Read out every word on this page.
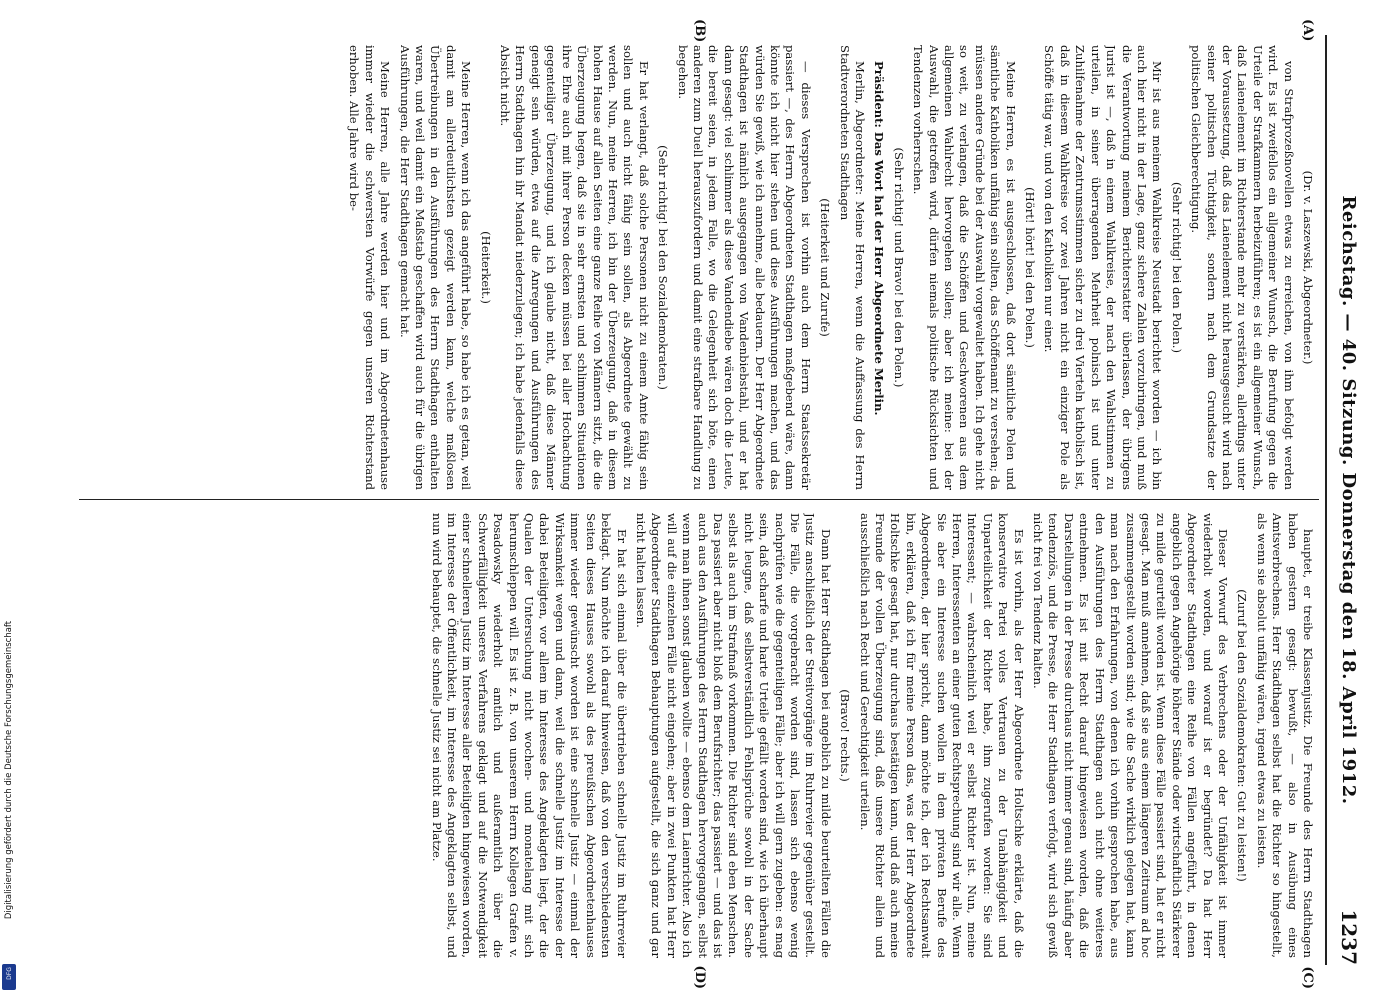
Reichstag. — 40. Sitzung. Donnerstag den 18. April 1912.
1237
(A)
(B)
(C)
(D)

(Dr. v. Laszewski, Abgeordneter.)

von Strafprozeßnovellen etwas zu erreichen, von ihm befolgt werden wird. Es ist zweifellos ein allgemeiner Wunsch, die Berufung gegen die Urteile der Strafkammern herbeizuführen; es ist ein allgemeiner Wunsch, daß Laienelement im Richterstande mehr zu verstärken, allerdings unter der Voraussetzung, daß das Laienelement nicht herausgesucht wird nach seiner politischen Tüchtigkeit, sondern nach dem Grundsatze der politischen Gleichberechtigung.

(Sehr richtig! bei den Polen.)

Mir ist aus meinem Wahlkreise Neustadt berichtet worden — ich bin auch hier nicht in der Lage, ganz sichere Zahlen vorzubringen, und muß die Verantwortung meinem Berichterstatter überlassen, der übrigens Jurist ist —, daß in einem Wahlkreise, der nach den Wahlstimmen zu urteilen, in seiner überragenden Mehrheit polnisch ist und unter Zuhilfenahme der Zentrumsstimmen sicher zu drei Vierteln katholisch ist, daß in diesem Wahlkreise vor zwei Jahren nicht ein einziger Pole als Schöffe tätig war, und von den Katholiken nur einer.

(Hört! hört! bei den Polen.)

Meine Herren, es ist ausgeschlossen, daß dort sämtliche Polen und sämtliche Katholiken unfähig sein sollten, das Schöffenamt zu versehen; da müssen andere Gründe bei der Auswahl vorgewaltet haben. Ich gehe nicht so weit, zu verlangen, daß die Schöffen und Geschworenen aus dem allgemeinen Wahlrecht hervorgehen sollen; aber ich meine: bei der Auswahl, die getroffen wird, dürfen niemals politische Rücksichten und Tendenzen vorherrschen.

(Sehr richtig! und Bravo! bei den Polen.)

Präsident: Das Wort hat der Herr Abgeordnete Merlin.

Merlin, Abgeordneter: Meine Herren, wenn die Auffassung des Herrn Stadtverordneten Stadthagen

(Heiterkeit und Zurufe)

— dieses Versprechen ist vorhin auch dem Herrn Staatssekretär passiert —, des Herrn Abgeordneten Stadthagen maßgebend wäre, dann könnte ich nicht hier stehen und diese Ausführungen machen, und das würden Sie gewiß, wie ich annehme, alle bedauern. Der Herr Abgeordnete Stadthagen ist nämlich ausgegangen von Vandenbiebstahl, und er hat dann gesagt: viel schlimmer als diese Vandendiebe wären doch die Leute, die bereit seien, in jedem Falle, wo die Gelegenheit sich böte, einen anderen zum Duell herauszufordern und damit eine strafbare Handlung zu begehen.

(Sehr richtig! bei den Sozialdemokraten.)

Er hat verlangt, daß solche Personen nicht zu einem Amte fähig sein sollen und auch nicht fähig sein sollen, als Abgeordnete gewählt zu werden. Nun, meine Herren, ich bin der Überzeugung, daß in diesem hohen Hause auf allen Seiten eine ganze Reihe von Männern sitzt, die die Überzeugung hegen, daß sie in sehr ernsten und schlimmen Situationen ihre Ehre auch mit ihrer Person decken müssen bei aller Hochachtung gegenteiliger Überzeugung, und ich glaube nicht, daß diese Männer geneigt sein würden, etwa auf die Anregungen und Ausführungen des Herrn Stadthagen hin ihr Mandat niederzulegen; ich habe jedenfalls diese Absicht nicht.

(Heiterkeit.)

Meine Herren, wenn ich das angeführt habe, so habe ich es getan, weil damit am allerdeutlichsten gezeigt werden kann, welche maßlosen Übertreibungen in den Ausführungen des Herrn Stadthagen enthalten waren, und weil damit ein Maßstab geschaffen wird auch für die übrigen Ausführungen, die Herr Stadthagen gemacht hat.

Meine Herren, alle Jahre werden hier und im Abgeordnetenhause immer wieder die schwersten Vorwürfe gegen unseren Richterstand erhoben. Alle Jahre wird be-

hauptet, er treibe Klassenjustiz. Die Freunde des Herrn Stadthagen haben gestern gesagt: bewußt, — also in Ausübung eines Amtsverbrechens. Herr Stadthagen selbst hat die Richter so hingestellt, als wenn sie absolut unfähig wären, irgend etwas zu leisten.

(Zuruf bei den Sozialdemokraten: Gut zu leisten!)

Dieser Vorwurf des Verbrechens oder der Unfähigkeit ist immer wiederholt worden, und worauf ist er begründet? Da hat Herr Abgeordneter Stadthagen eine Reihe von Fällen angeführt, in denen angeblich gegen Angehörige höherer Stände oder wirtschaftlich Stärkerer zu milde geurteilt worden ist. Wenn diese Fälle passiert sind, hat er nicht gesagt. Man muß annehmen, daß sie aus einem längeren Zeitraum ad hoc zusammengestellt worden sind; wie die Sache wirklich gelegen hat, kann man nach den Erfahrungen, von denen ich vorhin gesprochen habe, aus den Ausführungen des Herrn Stadthagen auch nicht ohne weiteres entnehmen. Es ist mit Recht darauf hingewiesen worden, daß die Darstellungen in der Presse durchaus nicht immer genau sind, häufig aber tendenziös, und die Presse, die Herr Stadthagen verfolgt, wird sich gewiß nicht frei von Tendenz halten.

Es ist vorhin, als der Herr Abgeordnete Holtschke erklärte, daß die konservative Partei volles Vertrauen zu der Unabhängigkeit und Unparteilichkeit der Richter habe, ihm zugerufen worden: Sie sind Interessent; — wahrscheinlich weil er selbst Richter ist. Nun, meine Herren, Interessenten an einer guten Rechtsprechung sind wir alle. Wenn Sie aber ein Interesse suchen wollen in dem privaten Berufe des Abgeordneten, der hier spricht, dann möchte ich, der ich Rechtsanwalt bin, erklären, daß ich für meine Person das, was der Herr Abgeordnete Holtschke gesagt hat, nur durchaus bestätigen kann, und daß auch meine Freunde der vollen Überzeugung sind, daß unsere Richter allein und ausschließlich nach Recht und Gerechtigkeit urteilen.

(Bravo! rechts.)

Dann hat Herr Stadthagen bei angeblich zu milde beurteilten Fällen die Justiz anschließlich der Streitvorgänge im Ruhrrevier gegenüber gestellt. Die Fälle, die vorgebracht worden sind, lassen sich ebenso wenig nachprüfen wie die gegenteiligen Fälle; aber ich will gern zugeben: es mag sein, daß scharfe und harte Urteile gefällt worden sind, wie ich überhaupt nicht leugne, daß selbstverständlich Fehlsprüche sowohl in der Sache selbst als auch im Strafmaß vorkommen. Die Richter sind eben Menschen. Das passiert aber nicht bloß dem Berufsrichter; das passiert — und das ist auch aus den Ausführungen des Herrn Stadthagen hervorgegangen, selbst wenn man ihnen sonst glauben wollte — ebenso dem Laienrichter. Also ich will auf die einzelnen Fälle nicht eingehen; aber in zwei Punkten hat Herr Abgeordneter Stadthagen Behauptungen aufgestellt, die sich ganz und gar nicht halten lassen.

Er hat sich einmal über die übertrieben schnelle Justiz im Ruhrrevier beklagt. Nun möchte ich darauf hinweisen, daß von den verschiedensten Seiten dieses Hauses sowohl als des preußischen Abgeordnetenhauses immer wieder gewünscht worden ist eine schnelle Justiz — einmal der Wirksamkeit wegen und dann, weil die schnelle Justiz im Interesse der dabei Beteiligten, vor allem im Interesse des Angeklagten liegt, der die Qualen der Untersuchung nicht wochen- und monatelang mit sich herumschleppen will. Es ist z. B. von unserem Herrn Kollegen Grafen v. Posadowsky wiederholt amtlich und außeramtlich über die Schwerfälligkeit unseres Verfahrens geklagt und auf die Notwendigkeit einer schnelleren Justiz im Interesse aller Beteiligten hingewiesen worden, im Interesse der Öffentlichkeit, im Interesse des Angeklagten selbst, und nun wird behauptet, die schnelle Justiz sei nicht am Platze.

Digitalisierung gefördert durch die Deutsche Forschungsgemeinschaft
DFG
